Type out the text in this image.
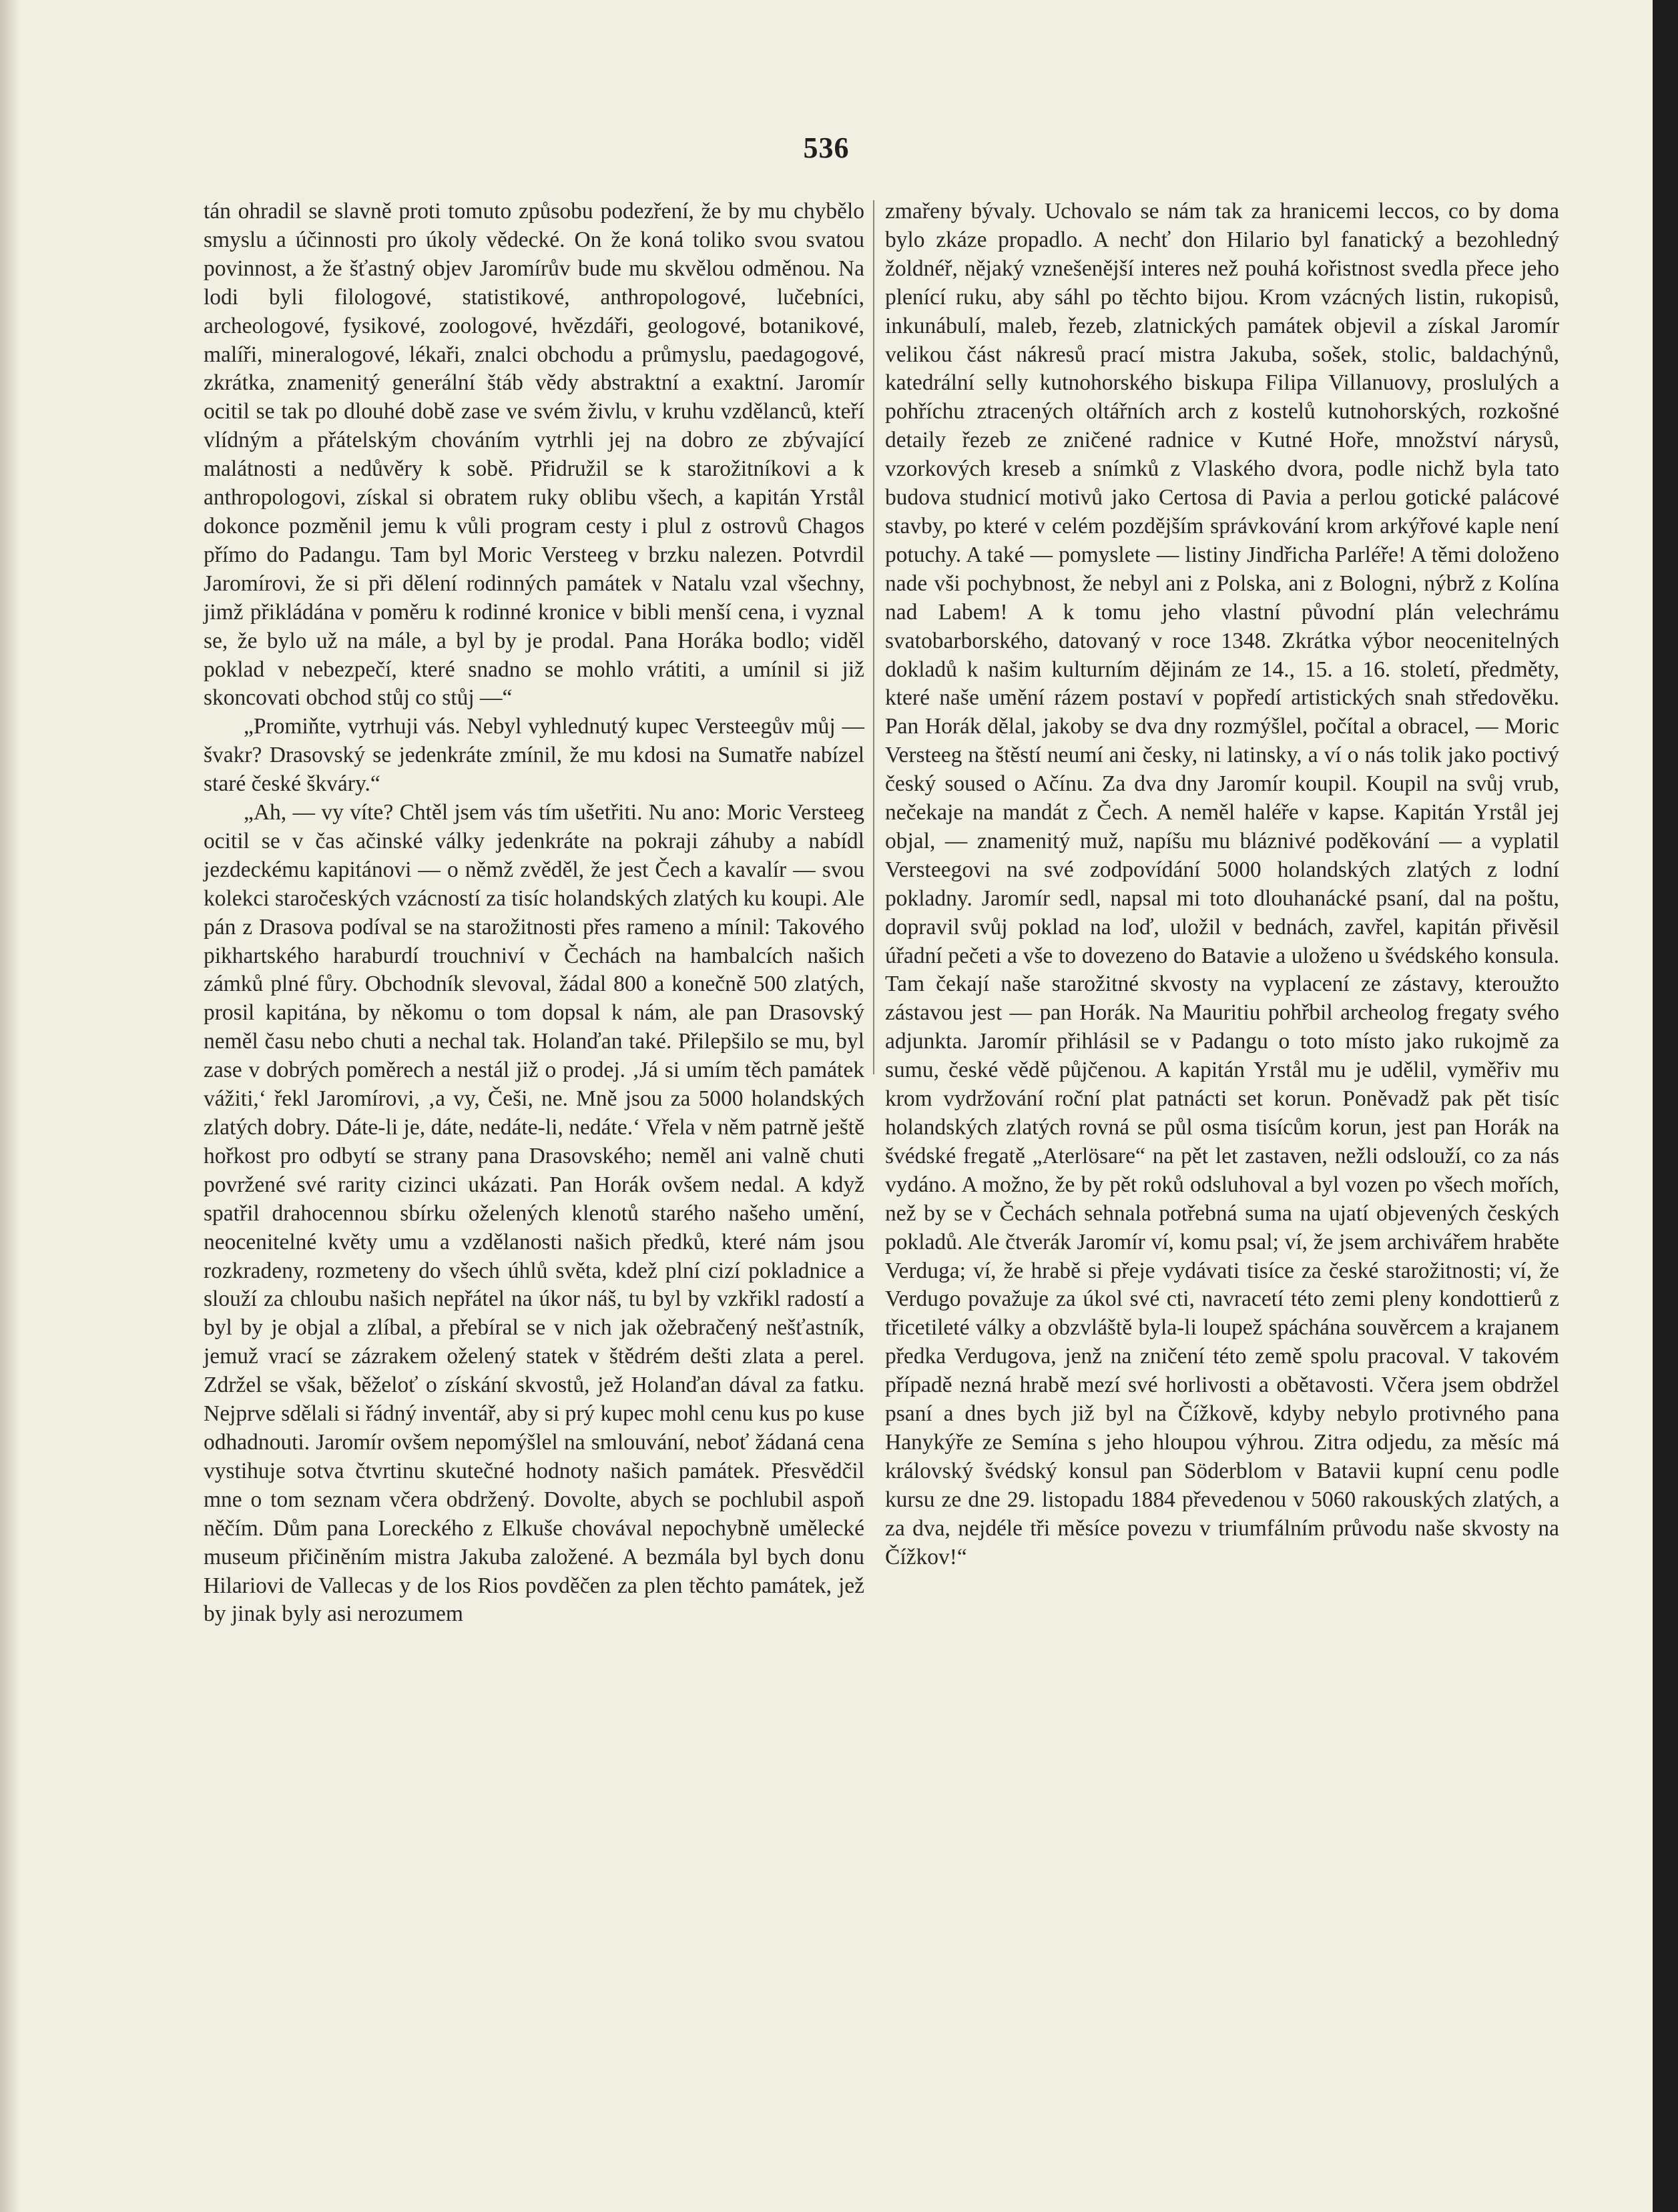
536

tán ohradil se slavně proti tomuto způsobu podezření, že by mu chybělo smyslu a účinnosti pro úkoly vědecké. On že koná toliko svou svatou povinnost, a že šťastný objev Jaromírův bude mu skvělou odměnou. Na lodi byli filologové, statistikové, anthropologové, lučebníci, archeologové, fysikové, zoologové, hvězdáři, geologové, botanikové, malíři, mineralogové, lékaři, znalci obchodu a průmyslu, paedagogové, zkrátka, znamenitý generální štáb vědy abstraktní a exaktní. Jaromír ocitil se tak po dlouhé době zase ve svém živlu, v kruhu vzdělanců, kteří vlídným a přátelským chováním vytrhli jej na dobro ze zbývající malátnosti a nedůvěry k sobě. Přidružil se k starožitníkovi a k anthropologovi, získal si obratem ruky oblibu všech, a kapitán Yrstål dokonce pozměnil jemu k vůli program cesty i plul z ostrovů Chagos přímo do Padangu. Tam byl Moric Versteeg v brzku nalezen. Potvrdil Jaromírovi, že si při dělení rodinných památek v Natalu vzal všechny, jimž přikládána v poměru k rodinné kronice v bibli menší cena, i vyznal se, že bylo už na mále, a byl by je prodal. Pana Horáka bodlo; viděl poklad v nebezpečí, které snadno se mohlo vrátiti, a umínil si již skoncovati obchod stůj co stůj —“

„Promiňte, vytrhuji vás. Nebyl vyhlednutý kupec Versteegův můj — švakr? Drasovský se jedenkráte zmínil, že mu kdosi na Sumatře nabízel staré české škváry.“

„Ah, — vy víte? Chtěl jsem vás tím ušetřiti. Nu ano: Moric Versteeg ocitil se v čas ačinské války jedenkráte na pokraji záhuby a nabídl jezdeckému kapitánovi — o němž zvěděl, že jest Čech a kavalír — svou kolekci staročeských vzácností za tisíc holandských zlatých ku koupi. Ale pán z Drasova podíval se na starožitnosti přes rameno a mínil: Takového pikhartského haraburdí trouchniví v Čechách na hambalcích našich zámků plné fůry. Obchodník slevoval, žádal 800 a konečně 500 zlatých, prosil kapitána, by někomu o tom dopsal k nám, ale pan Drasovský neměl času nebo chuti a nechal tak. Holanďan také. Přilepšilo se mu, byl zase v dobrých poměrech a nestál již o prodej. ‚Já si umím těch památek vážiti,‘ řekl Jaromírovi, ‚a vy, Češi, ne. Mně jsou za 5000 holandských zlatých dobry. Dáte-li je, dáte, nedáte-li, nedáte.‘ Vřela v něm patrně ještě hořkost pro odbytí se strany pana Drasovského; neměl ani valně chuti povržené své rarity cizinci ukázati. Pan Horák ovšem nedal. A když spatřil drahocennou sbírku oželených klenotů starého našeho umění, neocenitelné květy umu a vzdělanosti našich předků, které nám jsou rozkradeny, rozmeteny do všech úhlů světa, kdež plní cizí pokladnice a slouží za chloubu našich nepřátel na úkor náš, tu byl by vzkřikl radostí a byl by je objal a zlíbal, a přebíral se v nich jak ožebračený nešťastník, jemuž vrací se zázrakem oželený statek v štědrém dešti zlata a perel. Zdržel se však, běželoť o získání skvostů, jež Holanďan dával za fatku. Nejprve sdělali si řádný inventář, aby si prý kupec mohl cenu kus po kuse odhadnouti. Jaromír ovšem nepomýšlel na smlouvání, neboť žádaná cena vystihuje sotva čtvrtinu skutečné hodnoty našich památek. Přesvědčil mne o tom seznam včera obdržený. Dovolte, abych se pochlubil aspoň něčím. Dům pana Loreckého z Elkuše chovával nepochybně umělecké museum přičiněním mistra Jakuba založené. A bezmála byl bych donu Hilariovi de Vallecas y de los Rios povděčen za plen těchto památek, jež by jinak byly asi nerozumem

zmařeny bývaly. Uchovalo se nám tak za hranicemi leccos, co by doma bylo zkáze propadlo. A nechť don Hilario byl fanatický a bezohledný žoldnéř, nějaký vznešenější interes než pouhá kořistnost svedla přece jeho plenící ruku, aby sáhl po těchto bijou. Krom vzácných listin, rukopisů, inkunábulí, maleb, řezeb, zlatnických památek objevil a získal Jaromír velikou část nákresů prací mistra Jakuba, sošek, stolic, baldachýnů, katedrální selly kutnohorského biskupa Filipa Villanuovy, proslulých a pohříchu ztracených oltářních arch z kostelů kutnohorských, rozkošné detaily řezeb ze zničené radnice v Kutné Hoře, množství nárysů, vzorkových kreseb a snímků z Vlaského dvora, podle nichž byla tato budova studnicí motivů jako Certosa di Pavia a perlou gotické palácové stavby, po které v celém pozdějším správkování krom arkýřové kaple není potuchy. A také — pomyslete — listiny Jindřicha Parléře! A těmi doloženo nade vši pochybnost, že nebyl ani z Polska, ani z Bologni, nýbrž z Kolína nad Labem! A k tomu jeho vlastní původní plán velechrámu svatobarborského, datovaný v roce 1348. Zkrátka výbor neocenitelných dokladů k našim kulturním dějinám ze 14., 15. a 16. století, předměty, které naše umění rázem postaví v popředí artistických snah středověku. Pan Horák dělal, jakoby se dva dny rozmýšlel, počítal a obracel, — Moric Versteeg na štěstí neumí ani česky, ni latinsky, a ví o nás tolik jako poctivý český soused o Ačínu. Za dva dny Jaromír koupil. Koupil na svůj vrub, nečekaje na mandát z Čech. A neměl haléře v kapse. Kapitán Yrstål jej objal, — znamenitý muž, napíšu mu bláznivé poděkování — a vyplatil Versteegovi na své zodpovídání 5000 holandských zlatých z lodní pokladny. Jaromír sedl, napsal mi toto dlouhanácké psaní, dal na poštu, dopravil svůj poklad na loď, uložil v bednách, zavřel, kapitán přivěsil úřadní pečeti a vše to dovezeno do Batavie a uloženo u švédského konsula. Tam čekají naše starožitné skvosty na vyplacení ze zástavy, kteroužto zástavou jest — pan Horák. Na Mauritiu pohřbil archeolog fregaty svého adjunkta. Jaromír přihlásil se v Padangu o toto místo jako rukojmě za sumu, české vědě půjčenou. A kapitán Yrstål mu je udělil, vyměřiv mu krom vydržování roční plat patnácti set korun. Poněvadž pak pět tisíc holandských zlatých rovná se půl osma tisícům korun, jest pan Horák na švédské fregatě „Aterlösare“ na pět let zastaven, nežli odslouží, co za nás vydáno. A možno, že by pět roků odsluhoval a byl vozen po všech mořích, než by se v Čechách sehnala potřebná suma na ujatí objevených českých pokladů. Ale čtverák Jaromír ví, komu psal; ví, že jsem archivářem hraběte Verduga; ví, že hrabě si přeje vydávati tisíce za české starožitnosti; ví, že Verdugo považuje za úkol své cti, navracetí této zemi pleny kondottierů z třicetileté války a obzvláště byla-li loupež spáchána souvěrcem a krajanem předka Verdugova, jenž na zničení této země spolu pracoval. V takovém případě nezná hrabě mezí své horlivosti a obětavosti. Včera jsem obdržel psaní a dnes bych již byl na Čížkově, kdyby nebylo protivného pana Hanykýře ze Semína s jeho hloupou výhrou. Zitra odjedu, za měsíc má královský švédský konsul pan Söderblom v Batavii kupní cenu podle kursu ze dne 29. listopadu 1884 převedenou v 5060 rakouských zlatých, a za dva, nejdéle tři měsíce povezu v triumfálním průvodu naše skvosty na Čížkov!“
